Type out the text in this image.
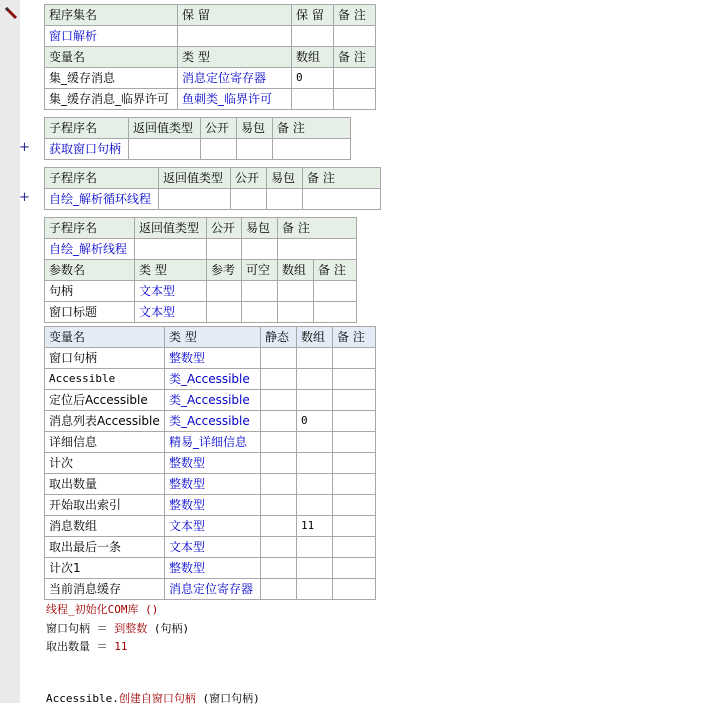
程序集名	保 留	保 留	备 注
窗口解析			
变量名	类 型	数组	备 注
集_缓存消息	消息定位寄存器	0	
集_缓存消息_临界许可	鱼刺类_临界许可		
+
子程序名	返回值类型	公开	易包	备 注
获取窗口句柄				
+
子程序名	返回值类型	公开	易包	备 注
自绘_解析循环线程				
子程序名	返回值类型	公开	易包	备 注	
自绘_解析线程					
参数名	类 型	参考	可空	数组	备 注
句柄	文本型				
窗口标题	文本型				
变量名	类 型	静态	数组	备 注
窗口句柄	整数型			
Accessible	类_Accessible			
定位后Accessible	类_Accessible			
消息列表Accessible	类_Accessible		0	
详细信息	精易_详细信息			
计次	整数型			
取出数量	整数型			
开始取出索引	整数型			
消息数组	文本型		11	
取出最后一条	文本型			
计次1	整数型			
当前消息缓存	消息定位寄存器			
线程_初始化COM库 ()
窗口句柄 ＝ 到整数 (句柄)
取出数量 ＝ 11
Accessible.创建自窗口句柄 (窗口句柄)
